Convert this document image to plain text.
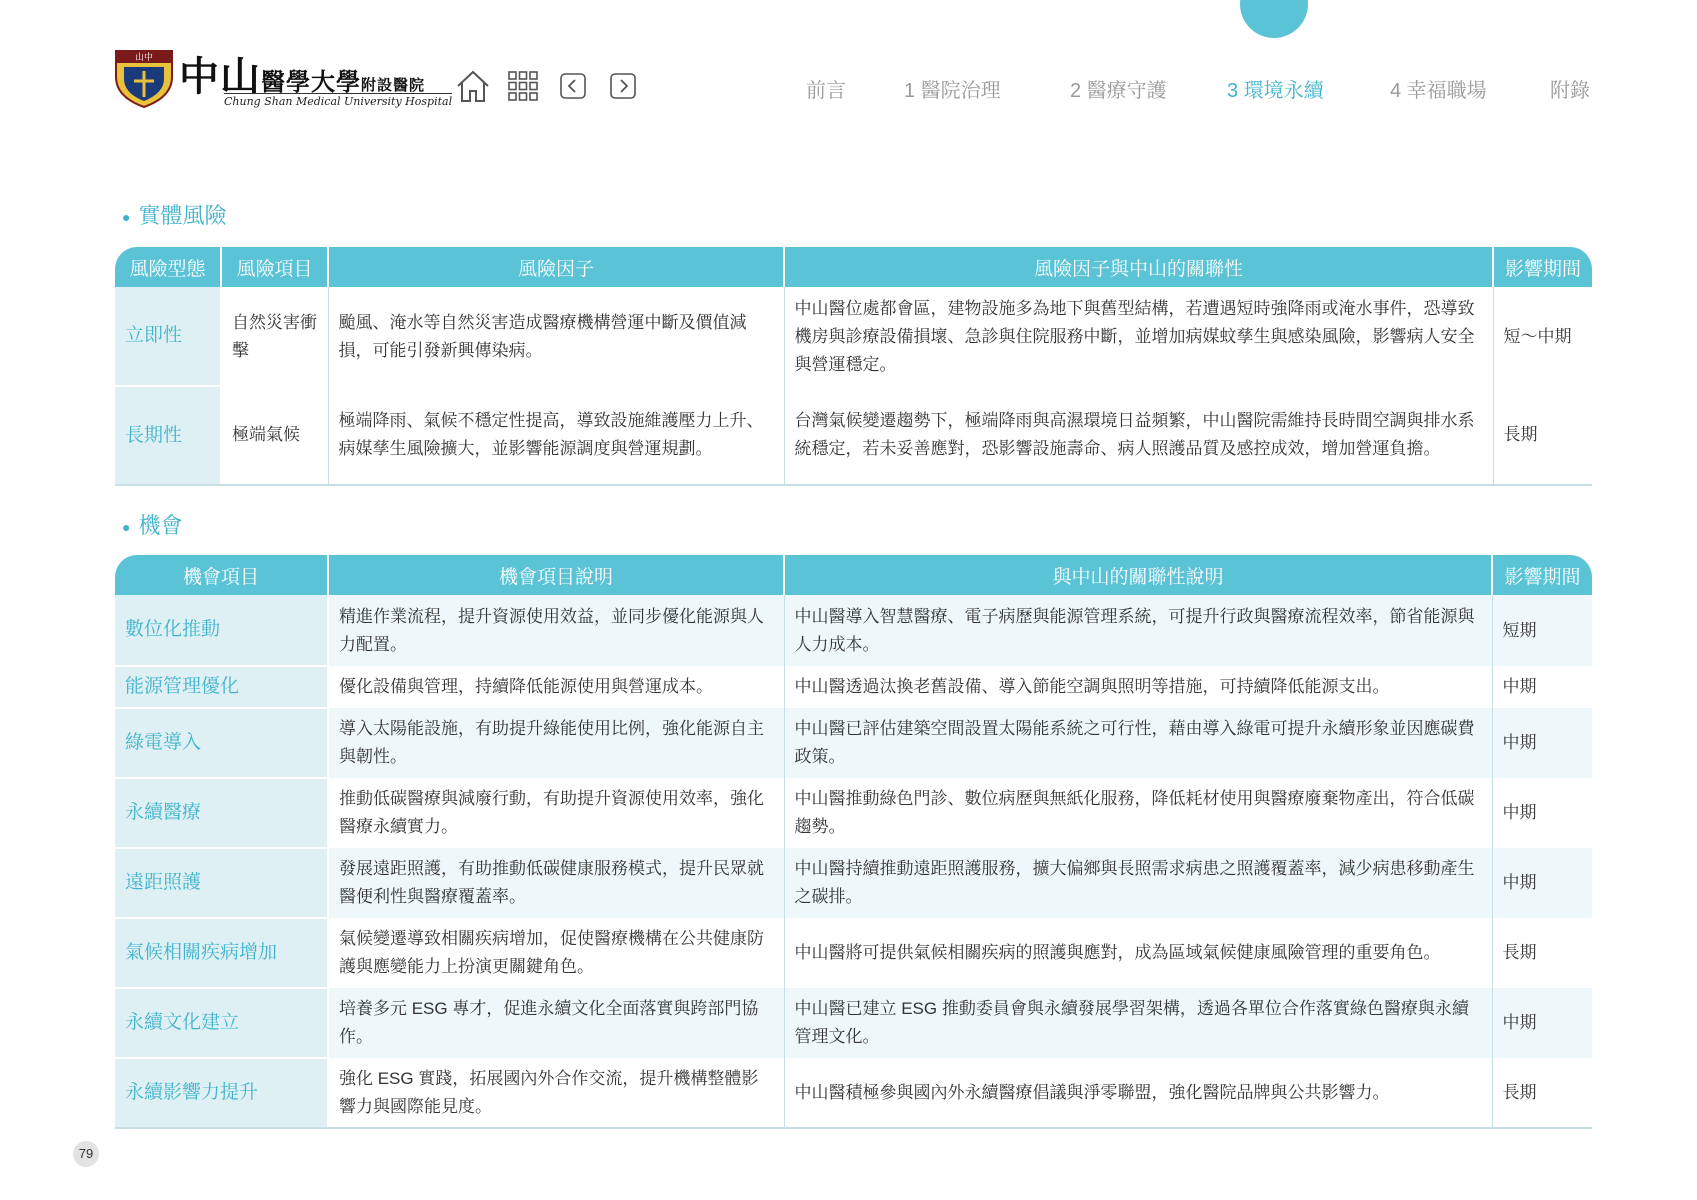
山中 中山醫學大學附設醫院
Chung Shan Medical University Hospital	前言	1 醫院治理	2 醫療守護	3 環境永續	4 幸福職場	附錄
● 實體風險
風險型態	風險項目	風險因子	風險因子與中山的關聯性	影響期間
立即性	自然災害衝擊	颱風、淹水等自然災害造成醫療機構營運中斷及價值減損，可能引發新興傳染病。	中山醫位處都會區，建物設施多為地下與舊型結構，若遭遇短時強降雨或淹水事件，恐導致機房與診療設備損壞、急診與住院服務中斷，並增加病媒蚊孳生與感染風險，影響病人安全與營運穩定。	短～中期
長期性	極端氣候	極端降雨、氣候不穩定性提高，導致設施維護壓力上升、病媒孳生風險擴大，並影響能源調度與營運規劃。	台灣氣候變遷趨勢下，極端降雨與高濕環境日益頻繁，中山醫院需維持長時間空調與排水系統穩定，若未妥善應對，恐影響設施壽命、病人照護品質及感控成效，增加營運負擔。	長期
● 機會
機會項目	機會項目說明	與中山的關聯性說明	影響期間
數位化推動	精進作業流程，提升資源使用效益，並同步優化能源與人力配置。	中山醫導入智慧醫療、電子病歷與能源管理系統，可提升行政與醫療流程效率，節省能源與人力成本。	短期
能源管理優化	優化設備與管理，持續降低能源使用與營運成本。	中山醫透過汰換老舊設備、導入節能空調與照明等措施，可持續降低能源支出。	中期
綠電導入	導入太陽能設施，有助提升綠能使用比例，強化能源自主與韌性。	中山醫已評估建築空間設置太陽能系統之可行性，藉由導入綠電可提升永續形象並因應碳費政策。	中期
永續醫療	推動低碳醫療與減廢行動，有助提升資源使用效率，強化醫療永續實力。	中山醫推動綠色門診、數位病歷與無紙化服務，降低耗材使用與醫療廢棄物產出，符合低碳趨勢。	中期
遠距照護	發展遠距照護，有助推動低碳健康服務模式，提升民眾就醫便利性與醫療覆蓋率。	中山醫持續推動遠距照護服務，擴大偏鄉與長照需求病患之照護覆蓋率，減少病患移動產生之碳排。	中期
氣候相關疾病增加	氣候變遷導致相關疾病增加，促使醫療機構在公共健康防護與應變能力上扮演更關鍵角色。	中山醫將可提供氣候相關疾病的照護與應對，成為區域氣候健康風險管理的重要角色。	長期
永續文化建立	培養多元 ESG 專才，促進永續文化全面落實與跨部門協作。	中山醫已建立 ESG 推動委員會與永續發展學習架構，透過各單位合作落實綠色醫療與永續管理文化。	中期
永續影響力提升	強化 ESG 實踐，拓展國內外合作交流，提升機構整體影響力與國際能見度。	中山醫積極參與國內外永續醫療倡議與淨零聯盟，強化醫院品牌與公共影響力。	長期
79
